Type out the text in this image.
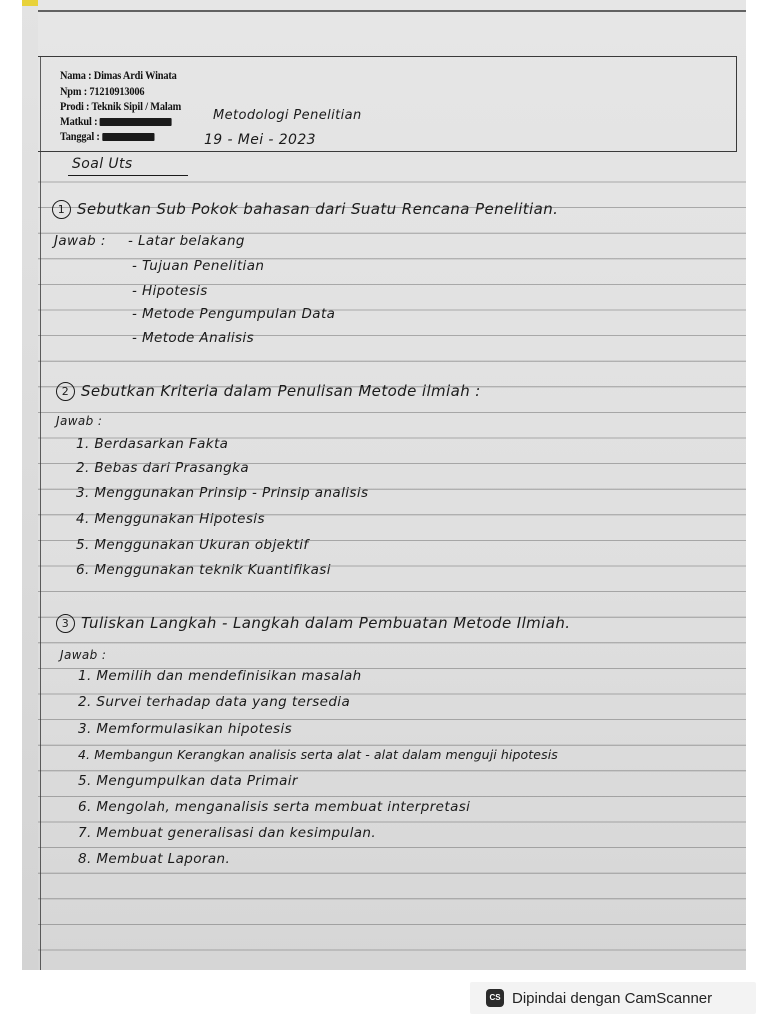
Nama : Dimas Ardi Winata

Npm : 71210913006

Prodi : Teknik Sipil / Malam

Matkul :	Metodologi Penelitian

Tanggal :	19 - Mei - 2023

Soal Uts

1 Sebutkan Sub Pokok bahasan dari Suatu Rencana Penelitian.

Jawab : - Latar belakang

- Tujuan Penelitian

- Hipotesis

- Metode Pengumpulan Data

- Metode Analisis

2 Sebutkan Kriteria dalam Penulisan Metode ilmiah :

Jawab :

1. Berdasarkan Fakta

2. Bebas dari Prasangka

3. Menggunakan Prinsip - Prinsip analisis

4. Menggunakan Hipotesis

5. Menggunakan Ukuran objektif

6. Menggunakan teknik Kuantifikasi

3 Tuliskan Langkah - Langkah dalam Pembuatan Metode Ilmiah.

Jawab :

1. Memilih dan mendefinisikan masalah

2. Survei terhadap data yang tersedia

3. Memformulasikan hipotesis

4. Membangun Kerangkan analisis serta alat - alat dalam menguji hipotesis

5. Mengumpulkan data Primair

6. Mengolah, menganalisis serta membuat interpretasi

7. Membuat generalisasi dan kesimpulan.

8. Membuat Laporan.

CS Dipindai dengan CamScanner
